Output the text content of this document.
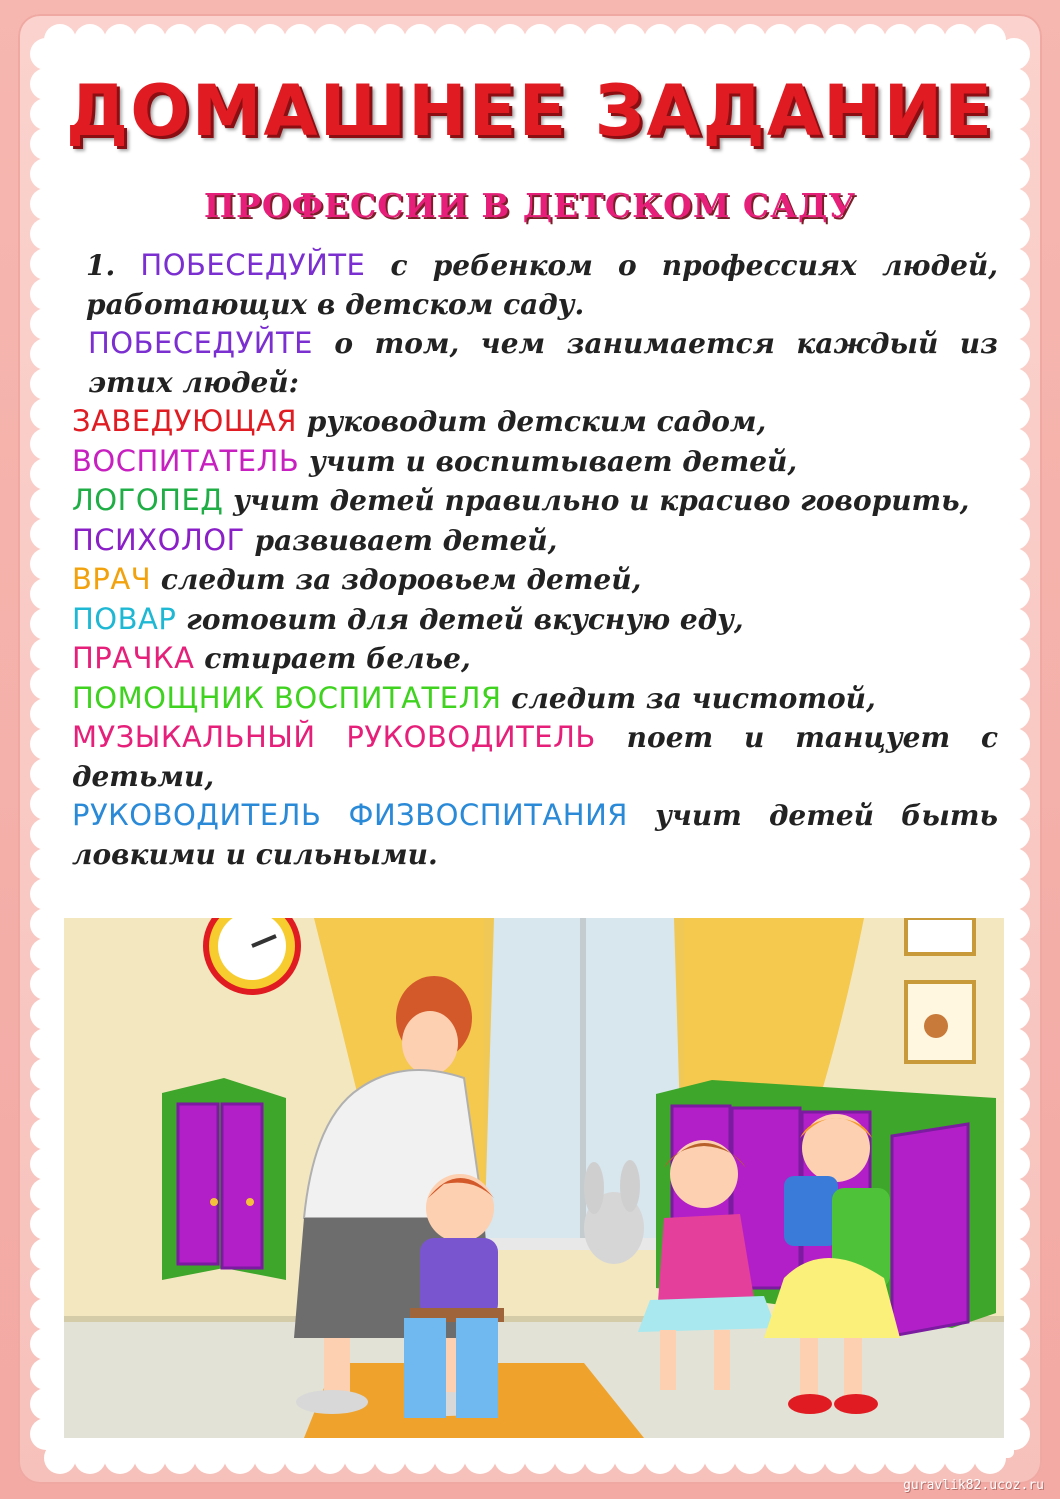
ДОМАШНЕЕ ЗАДАНИЕ
ПРОФЕССИИ В ДЕТСКОМ САДУ

1. ПОБЕСЕДУЙТЕ с ребенком о профессиях людей, работающих в детском саду.

ПОБЕСЕДУЙТЕ о том, чем занимается каждый из этих людей:

ЗАВЕДУЮЩАЯ руководит детским садом,

ВОСПИТАТЕЛЬ учит и воспитывает детей,

ЛОГОПЕД учит детей правильно и красиво говорить,

ПСИХОЛОГ развивает детей,

ВРАЧ следит за здоровьем детей,

ПОВАР готовит для детей вкусную еду,

ПРАЧКА стирает белье,

ПОМОЩНИК ВОСПИТАТЕЛЯ следит за чистотой,

МУЗЫКАЛЬНЫЙ РУКОВОДИТЕЛЬ поет и танцует с детьми,

РУКОВОДИТЕЛЬ ФИЗВОСПИТАНИЯ учит детей быть ловкими и сильными.

guravlik82.ucoz.ru
